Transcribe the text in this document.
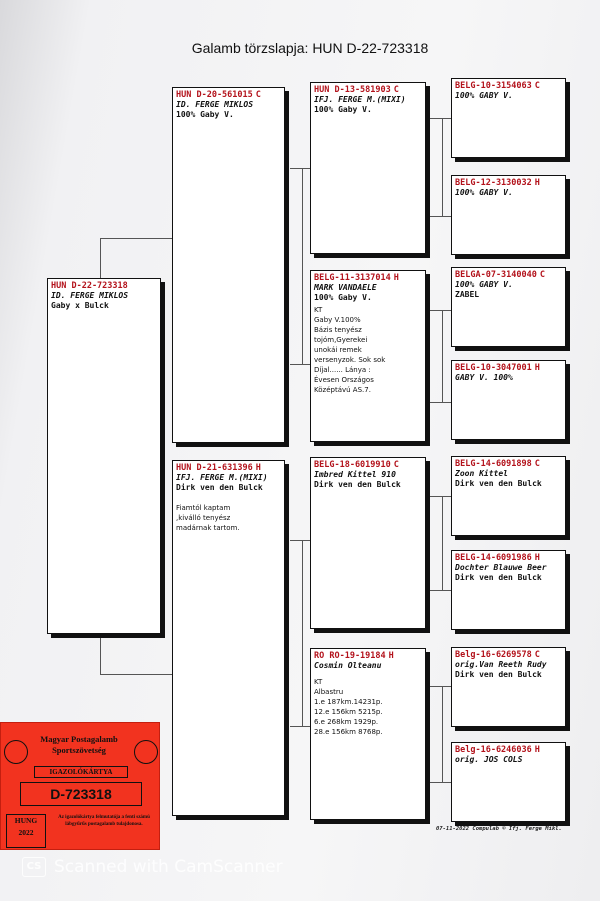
Galamb törzslapja: HUN D-22-723318
HUN D-22-723318
ID. FERGE MIKLOS
Gaby x Bulck
HUN D-20-561015 C
ID. FERGE MIKLOS
100% Gaby V.
HUN D-21-631396 H
IFJ. FERGE M.(MIXI)
Dirk ven den Bulck
Fiamtól kaptam
,kiválló tenyész
madárnak tartom.
HUN D-13-581903 C
IFJ. FERGE M.(MIXI)
100% Gaby V.
BELG-11-3137014 H
MARK VANDAELE
100% Gaby V.
KT
Gaby V.100%
Bázis tenyész
tojóm,Gyerekei
unokái remek
versenyzok. Sok sok
Díjal...... Lánya :
Évesen Országos
Középtávú AS.7.
BELG-18-6019910 C
Imbred Kittel 910
Dirk ven den Bulck
RO RO-19-19184 H
Cosmin Olteanu
KT
Albastru
1.e 187km.14231p.
12.e 156km 5215p.
6.e 268km 1929p.
28.e 156km 8768p.
BELG-10-3154063 C
100% GABY V.
BELG-12-3130032 H
100% GABY V.
BELGA-07-3140040 C
100% GABY V.
ZABEL
BELG-10-3047001 H
GABY V. 100%
BELG-14-6091898 C
Zoon Kittel
Dirk ven den Bulck
BELG-14-6091986 H
Dochter Blauwe Beer
Dirk ven den Bulck
Belg-16-6269578 C
orig.Van Reeth Rudy
Dirk ven den Bulck
Belg-16-6246036 H
orig. JOS COLS
07-11-2022 Compulab © Ifj. Ferge Mikl.
Magyar Postagalamb Sportszövetség
IGAZOLÓKÁRTYA
D-723318
HUNG
2022
Az igazolókártya felmutatója a fenti számú lábgyűrűs postagalamb tulajdonosa.
CS Scanned with CamScanner
